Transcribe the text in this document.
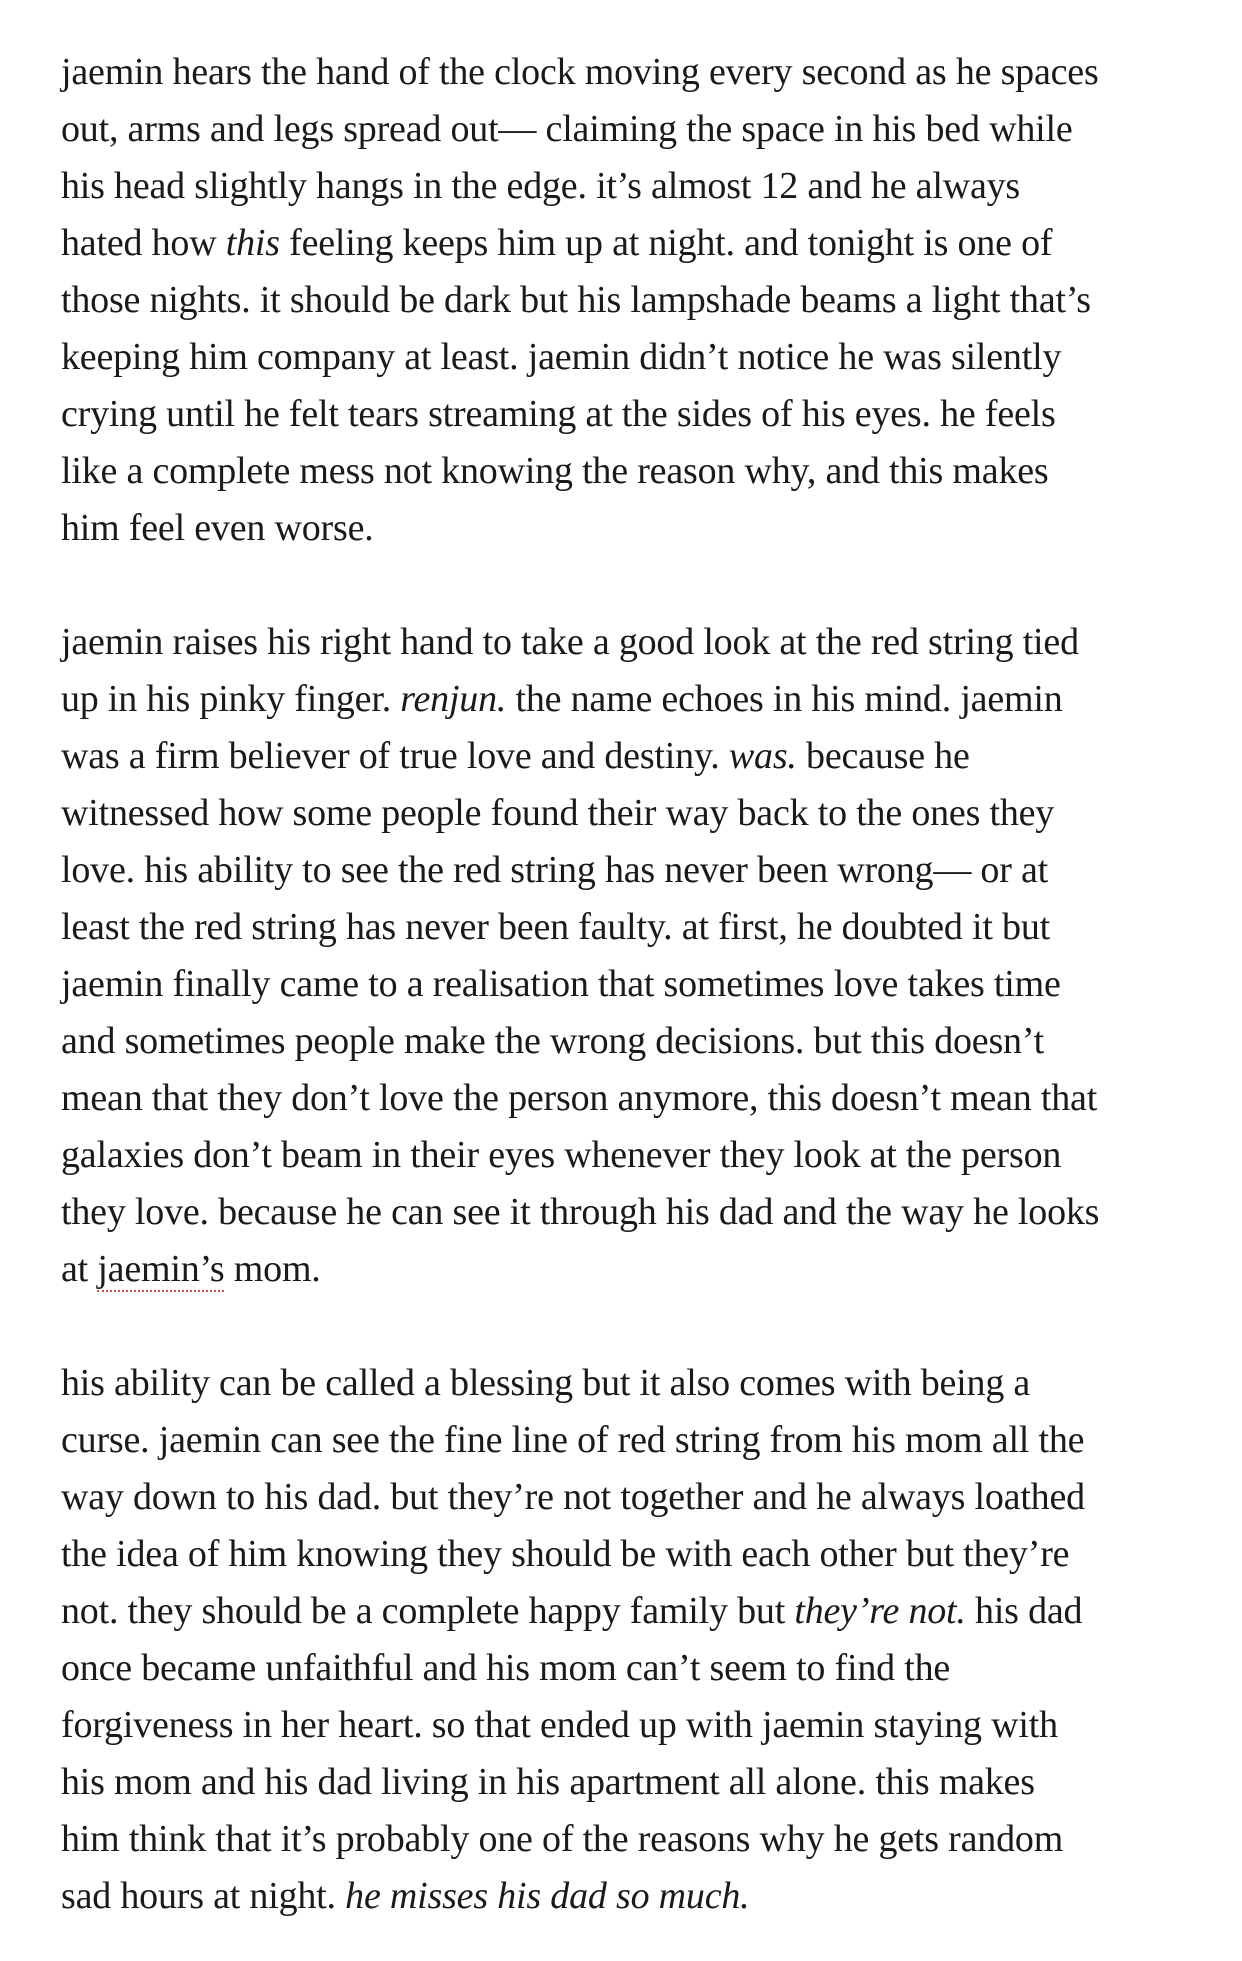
jaemin hears the hand of the clock moving every second as he spaces
out, arms and legs spread out— claiming the space in his bed while
his head slightly hangs in the edge. it’s almost 12 and he always
hated how this feeling keeps him up at night. and tonight is one of
those nights. it should be dark but his lampshade beams a light that’s
keeping him company at least. jaemin didn’t notice he was silently
crying until he felt tears streaming at the sides of his eyes. he feels
like a complete mess not knowing the reason why, and this makes
him feel even worse.

jaemin raises his right hand to take a good look at the red string tied
up in his pinky finger. renjun. the name echoes in his mind. jaemin
was a firm believer of true love and destiny. was. because he
witnessed how some people found their way back to the ones they
love. his ability to see the red string has never been wrong— or at
least the red string has never been faulty. at first, he doubted it but
jaemin finally came to a realisation that sometimes love takes time
and sometimes people make the wrong decisions. but this doesn’t
mean that they don’t love the person anymore, this doesn’t mean that
galaxies don’t beam in their eyes whenever they look at the person
they love. because he can see it through his dad and the way he looks
at jaemin’s mom.

his ability can be called a blessing but it also comes with being a
curse. jaemin can see the fine line of red string from his mom all the
way down to his dad. but they’re not together and he always loathed
the idea of him knowing they should be with each other but they’re
not. they should be a complete happy family but they’re not. his dad
once became unfaithful and his mom can’t seem to find the
forgiveness in her heart. so that ended up with jaemin staying with
his mom and his dad living in his apartment all alone. this makes
him think that it’s probably one of the reasons why he gets random
sad hours at night. he misses his dad so much.
